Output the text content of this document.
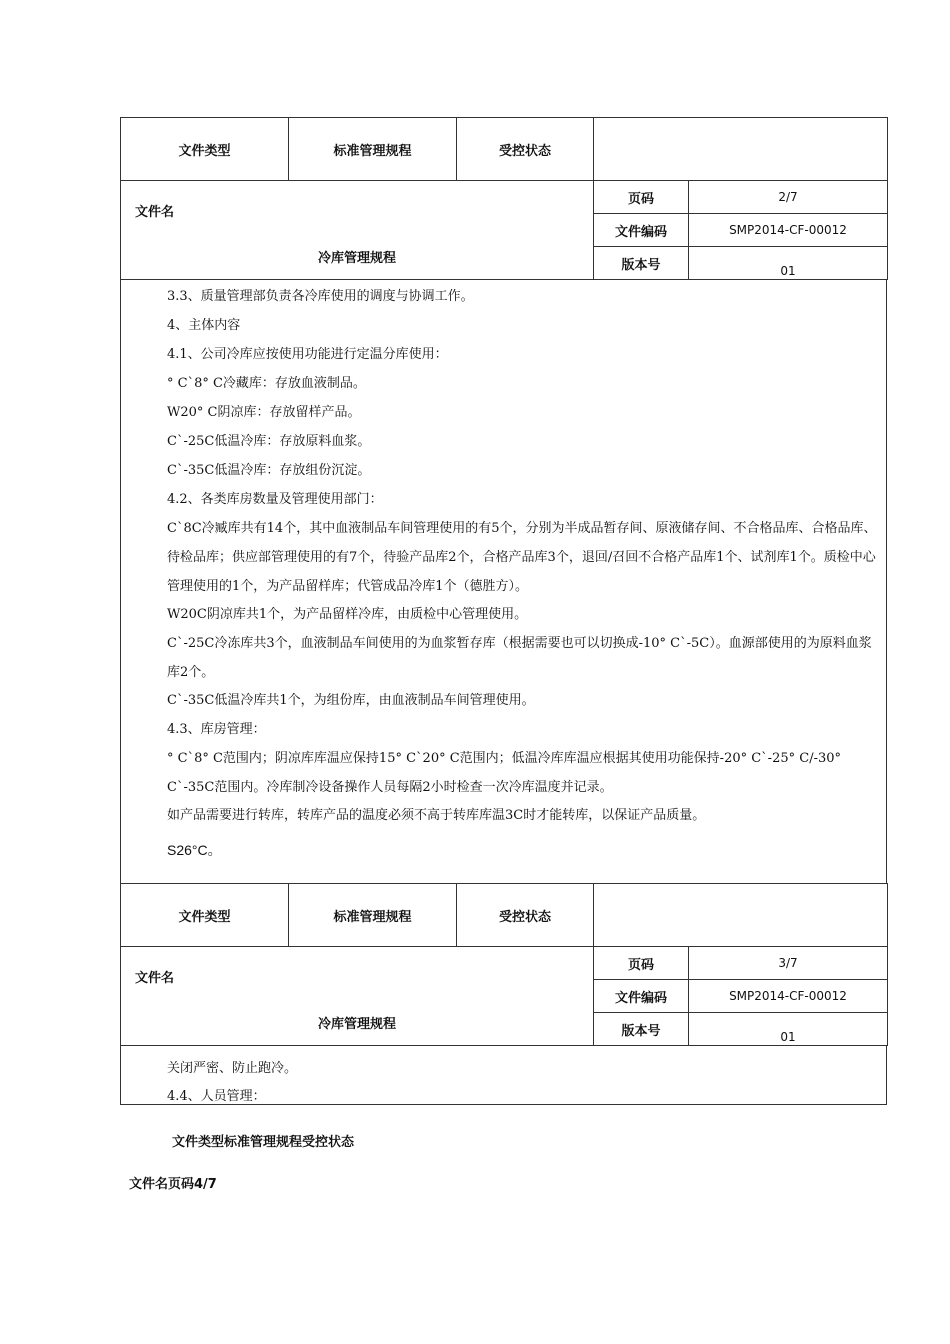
文件类型	标准管理规程	受控状态		

文件名
冷库管理规程			页码	2/7
			文件编码	SMP2014-CF-00012
			版本号	01
3.3、质量管理部负责各冷库使用的调度与协调工作。
4、主体内容
4.1、公司冷库应按使用功能进行定温分库使用：
° C`8° C冷藏库：存放血液制品。
W20° C阴凉库：存放留样产品。
C`-25C低温冷库：存放原料血浆。
C`-35C低温冷库：存放组份沉淀。
4.2、各类库房数量及管理使用部门：
C`8C冷臧库共有14个，其中血液制品车间管理使用的有5个，分别为半成品暂存间、原液储存间、不合格品库、合格品库、待检品库；供应部管理使用的有7个，待验产品库2个，合格产品库3个，退回/召回不合格产品库1个、试剂库1个。质检中心管理使用的1个，为产品留样库；代管成品冷库1个（德胜方）。
W20C阴凉库共1个，为产品留样冷库，由质检中心管理使用。
C`-25C冷冻库共3个，血液制品车间使用的为血浆暂存库（根据需要也可以切换成-10° C`-5C）。血源部使用的为原料血浆库2个。
C`-35C低温冷库共1个，为组份库，由血液制品车间管理使用。
4.3、库房管理：
° C`8° C范围内；阴凉库库温应保持15° C`20° C范围内；低温冷库库温应根据其使用功能保持-20° C`-25° C/-30° C`-35C范围内。冷库制冷设备操作人员每隔2小时检查一次冷库温度并记录。
如产品需要进行转库，转库产品的温度必须不高于转库库温3C时才能转库，以保证产品质量。
S26°C。
文件类型	标准管理规程	受控状态		

文件名
冷库管理规程			页码	3/7
			文件编码	SMP2014-CF-00012
			版本号	01
关闭严密、防止跑冷。
4.4、人员管理：
文件类型标准管理规程受控状态
文件名页码4/7
